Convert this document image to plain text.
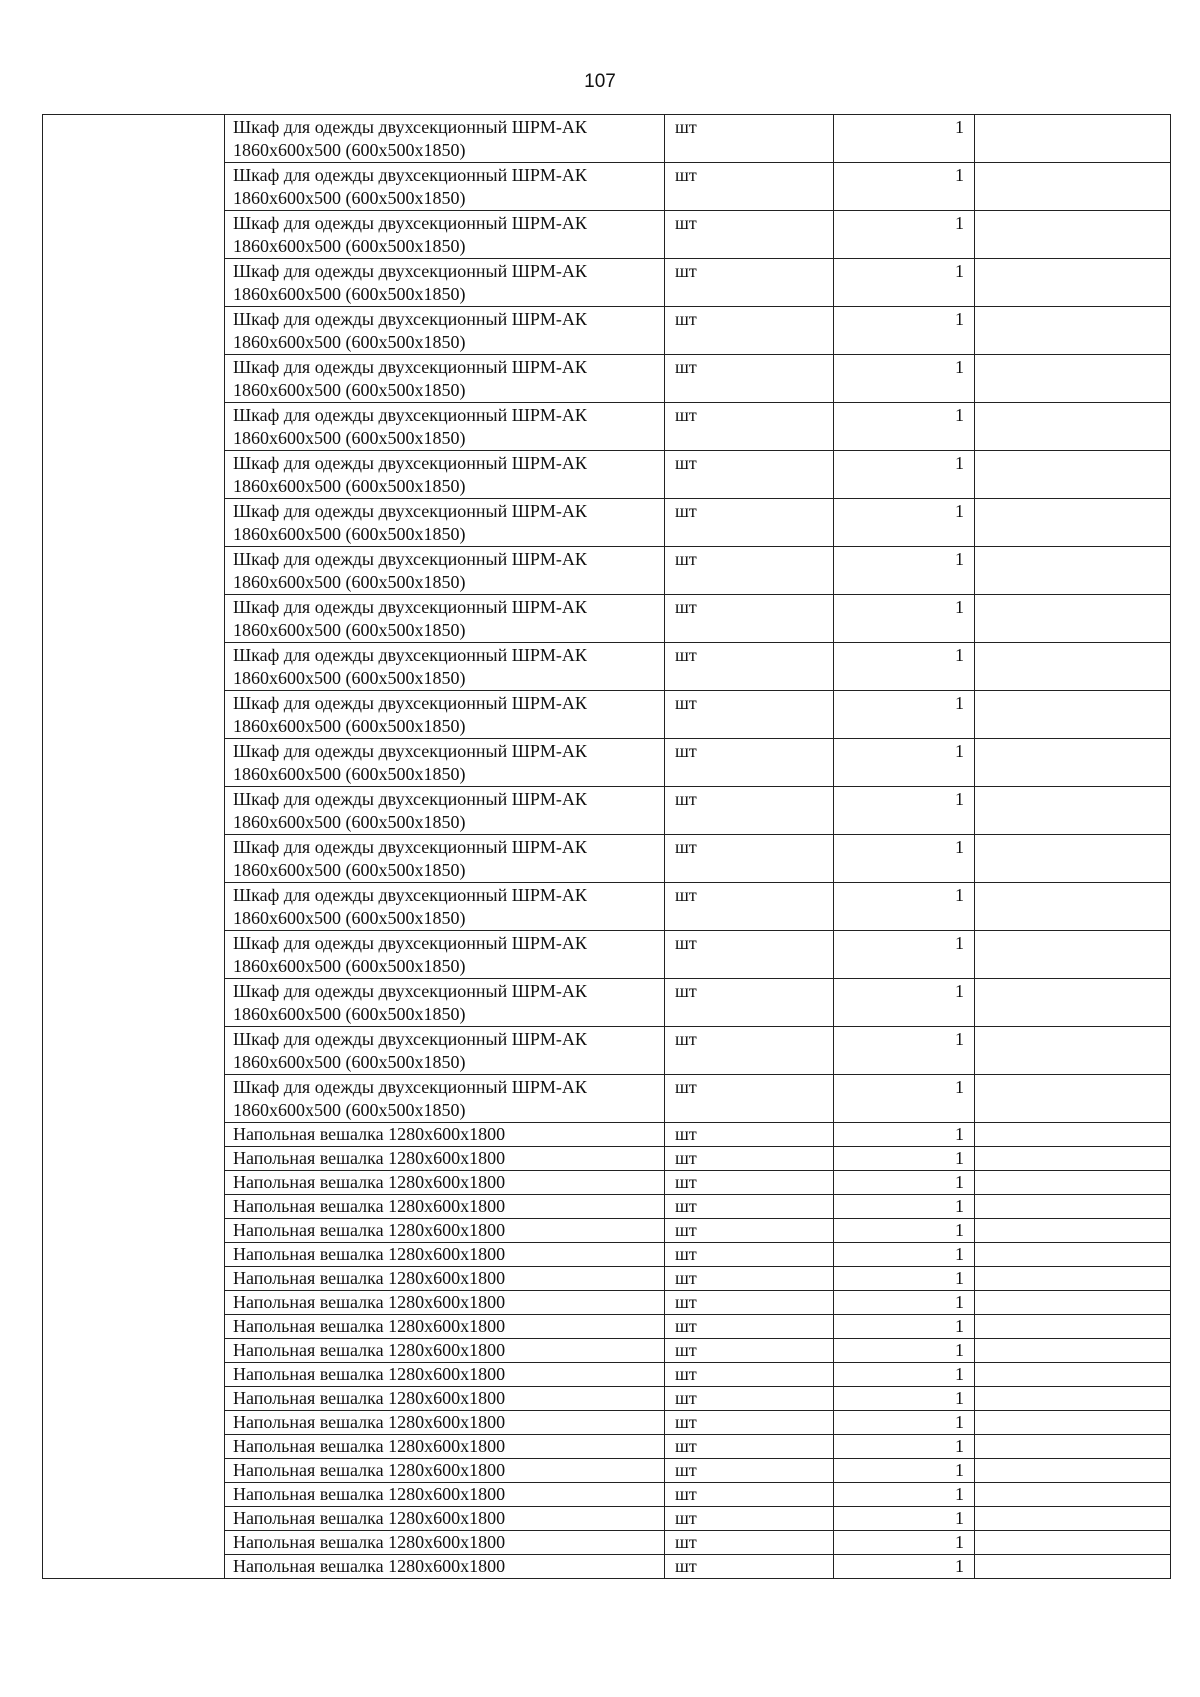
107

	Шкаф для одежды двухсекционный ШРМ-АК
1860х600х500 (600х500х1850)	шт	1	

	Шкаф для одежды двухсекционный ШРМ-АК
1860х600х500 (600х500х1850)	шт	1	

	Шкаф для одежды двухсекционный ШРМ-АК
1860х600х500 (600х500х1850)	шт	1	

	Шкаф для одежды двухсекционный ШРМ-АК
1860х600х500 (600х500х1850)	шт	1	

	Шкаф для одежды двухсекционный ШРМ-АК
1860х600х500 (600х500х1850)	шт	1	

	Шкаф для одежды двухсекционный ШРМ-АК
1860х600х500 (600х500х1850)	шт	1	

	Шкаф для одежды двухсекционный ШРМ-АК
1860х600х500 (600х500х1850)	шт	1	

	Шкаф для одежды двухсекционный ШРМ-АК
1860х600х500 (600х500х1850)	шт	1	

	Шкаф для одежды двухсекционный ШРМ-АК
1860х600х500 (600х500х1850)	шт	1	

	Шкаф для одежды двухсекционный ШРМ-АК
1860х600х500 (600х500х1850)	шт	1	

	Шкаф для одежды двухсекционный ШРМ-АК
1860х600х500 (600х500х1850)	шт	1	

	Шкаф для одежды двухсекционный ШРМ-АК
1860х600х500 (600х500х1850)	шт	1	

	Шкаф для одежды двухсекционный ШРМ-АК
1860х600х500 (600х500х1850)	шт	1	

	Шкаф для одежды двухсекционный ШРМ-АК
1860х600х500 (600х500х1850)	шт	1	

	Шкаф для одежды двухсекционный ШРМ-АК
1860х600х500 (600х500х1850)	шт	1	

	Шкаф для одежды двухсекционный ШРМ-АК
1860х600х500 (600х500х1850)	шт	1	

	Шкаф для одежды двухсекционный ШРМ-АК
1860х600х500 (600х500х1850)	шт	1	

	Шкаф для одежды двухсекционный ШРМ-АК
1860х600х500 (600х500х1850)	шт	1	

	Шкаф для одежды двухсекционный ШРМ-АК
1860х600х500 (600х500х1850)	шт	1	

	Шкаф для одежды двухсекционный ШРМ-АК
1860х600х500 (600х500х1850)	шт	1	

	Шкаф для одежды двухсекционный ШРМ-АК
1860х600х500 (600х500х1850)	шт	1	

	Напольная вешалка 1280х600х1800	шт	1	

	Напольная вешалка 1280х600х1800	шт	1	

	Напольная вешалка 1280х600х1800	шт	1	

	Напольная вешалка 1280х600х1800	шт	1	

	Напольная вешалка 1280х600х1800	шт	1	

	Напольная вешалка 1280х600х1800	шт	1	

	Напольная вешалка 1280х600х1800	шт	1	

	Напольная вешалка 1280х600х1800	шт	1	

	Напольная вешалка 1280х600х1800	шт	1	

	Напольная вешалка 1280х600х1800	шт	1	

	Напольная вешалка 1280х600х1800	шт	1	

	Напольная вешалка 1280х600х1800	шт	1	

	Напольная вешалка 1280х600х1800	шт	1	

	Напольная вешалка 1280х600х1800	шт	1	

	Напольная вешалка 1280х600х1800	шт	1	

	Напольная вешалка 1280х600х1800	шт	1	

	Напольная вешалка 1280х600х1800	шт	1	

	Напольная вешалка 1280х600х1800	шт	1	

	Напольная вешалка 1280х600х1800	шт	1	
